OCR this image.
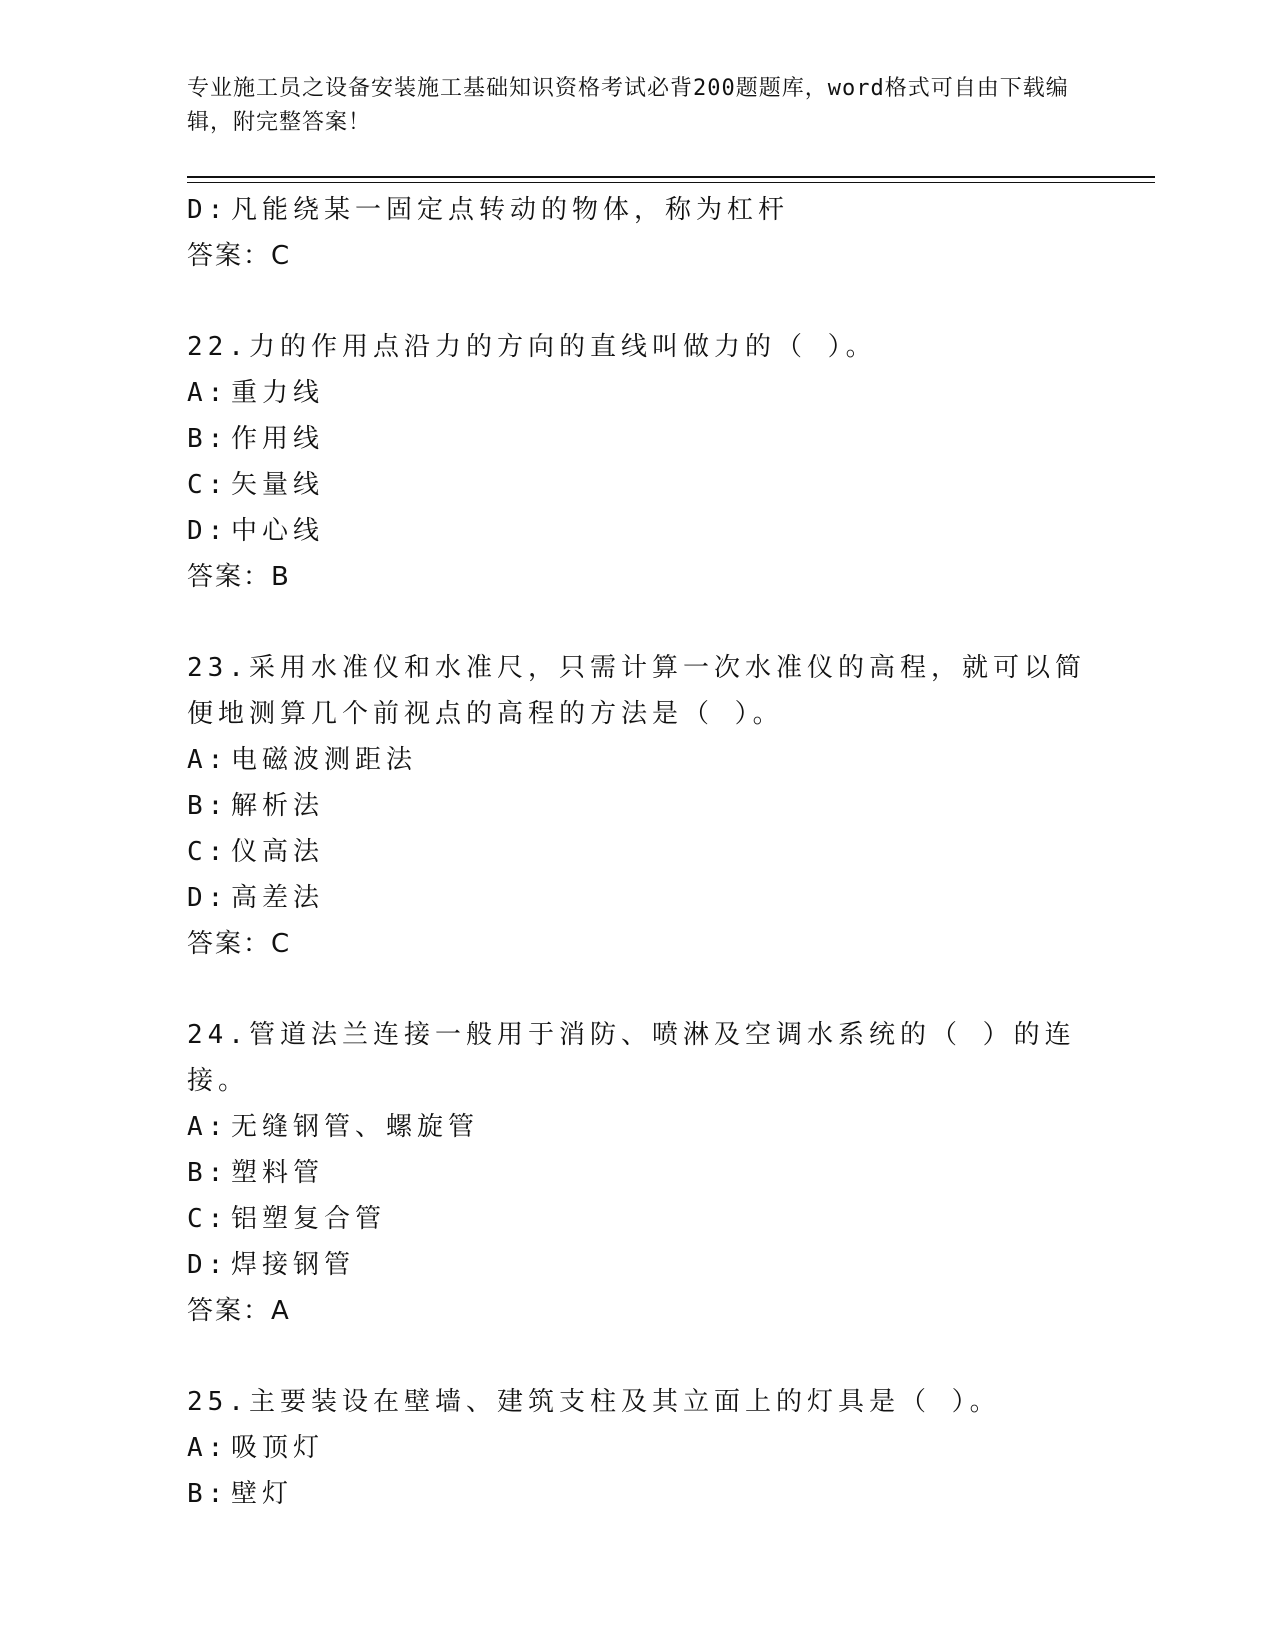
专业施工员之设备安装施工基础知识资格考试必背200题题库，word格式可自由下载编辑，附完整答案！
D: 凡能绕某一固定点转动的物体，称为杠杆
答案：C
22.力的作用点沿力的方向的直线叫做力的（ ）。
A: 重力线
B: 作用线
C: 矢量线
D: 中心线
答案：B
23.采用水准仪和水准尺，只需计算一次水准仪的高程，就可以简便地测算几个前视点的高程的方法是（ ）。
A: 电磁波测距法
B: 解析法
C: 仪高法
D: 高差法
答案：C
24.管道法兰连接一般用于消防、喷淋及空调水系统的（ ）的连接。
A: 无缝钢管、螺旋管
B: 塑料管
C: 铝塑复合管
D: 焊接钢管
答案：A
25.主要装设在壁墙、建筑支柱及其立面上的灯具是（ ）。
A: 吸顶灯
B: 壁灯
